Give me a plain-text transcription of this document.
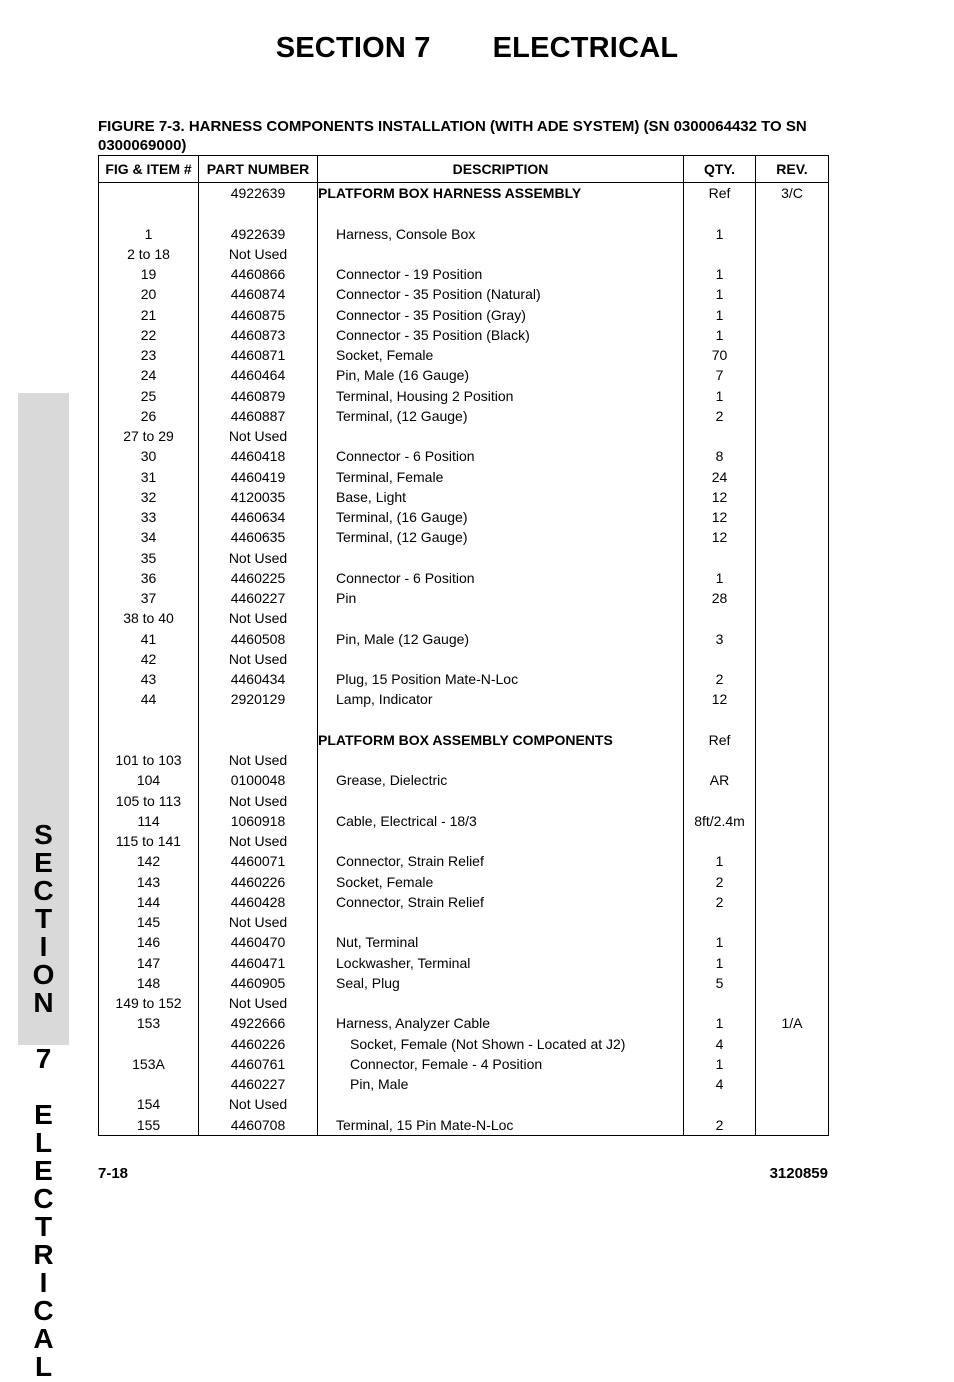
SECTION 7 ELECTRICAL
FIGURE 7-3. HARNESS COMPONENTS INSTALLATION (WITH ADE SYSTEM) (SN 0300064432 TO SN 0300069000)
S
E
C
T
I
O
N

7

E
L
E
C
T
R
I
C
A
L
FIG & ITEM #	PART NUMBER	DESCRIPTION	QTY.	REV.
	4922639	PLATFORM BOX HARNESS ASSEMBLY	Ref	3/C

1	4922639	Harness, Console Box	1	
2 to 18	Not Used			
19	4460866	Connector - 19 Position	1	
20	4460874	Connector - 35 Position (Natural)	1	
21	4460875	Connector - 35 Position (Gray)	1	
22	4460873	Connector - 35 Position (Black)	1	
23	4460871	Socket, Female	70	
24	4460464	Pin, Male (16 Gauge)	7	
25	4460879	Terminal, Housing 2 Position	1	
26	4460887	Terminal, (12 Gauge)	2	
27 to 29	Not Used			
30	4460418	Connector - 6 Position	8	
31	4460419	Terminal, Female	24	
32	4120035	Base, Light	12	
33	4460634	Terminal, (16 Gauge)	12	
34	4460635	Terminal, (12 Gauge)	12	
35	Not Used			
36	4460225	Connector - 6 Position	1	
37	4460227	Pin	28	
38 to 40	Not Used			
41	4460508	Pin, Male (12 Gauge)	3	
42	Not Used			
43	4460434	Plug, 15 Position Mate-N-Loc	2	
44	2920129	Lamp, Indicator	12	

		PLATFORM BOX ASSEMBLY COMPONENTS	Ref	
101 to 103	Not Used			
104	0100048	Grease, Dielectric	AR	
105 to 113	Not Used			
114	1060918	Cable, Electrical - 18/3	8ft/2.4m	
115 to 141	Not Used			
142	4460071	Connector, Strain Relief	1	
143	4460226	Socket, Female	2	
144	4460428	Connector, Strain Relief	2	
145	Not Used			
146	4460470	Nut, Terminal	1	
147	4460471	Lockwasher, Terminal	1	
148	4460905	Seal, Plug	5	
149 to 152	Not Used			
153	4922666	Harness, Analyzer Cable	1	1/A
	4460226	Socket, Female (Not Shown - Located at J2)	4	
153A	4460761	Connector, Female - 4 Position	1	
	4460227	Pin, Male	4	
154	Not Used			
155	4460708	Terminal, 15 Pin Mate-N-Loc	2	
7-18	3120859
